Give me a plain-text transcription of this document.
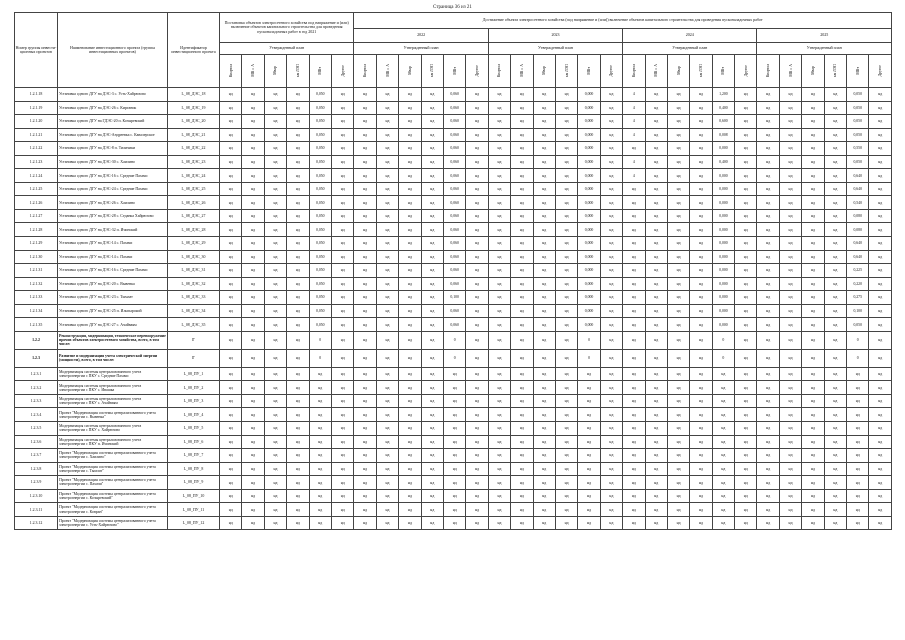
Страница 36 из 21
Номер группы инвести-ционных проектов	Наименование инвестиционного проекта (группы инвестиционных проектов)	Идентификатор инвестиционного проекта	Постановка объектов электросетевого хозяйства под напряжение и (или) включение объектов капитального строительства для проведения пусконаладочных работ в год 2021						Достижение объекта электросетевого хозяйства (под напряжение и (или)) включение объектов капитального строительства для проведения пусконаладочных работ																							
									2022						2023						2024						2025					
			Утвержденный план						Утвержденный план						Утвержденный план						Утвержденный план						Утвержденный план					
			Квартал	МВ×А	Мвар	км ЛЭП	МВт	Другое	Квартал	МВ×А	Мвар	км ЛЭП	МВт	Другое	Квартал	МВ×А	Мвар	км ЛЭП	МВт	Другое	Квартал	МВ×А	Мвар	км ЛЭП	МВт	Другое	Квартал	МВ×А	Мвар	км ЛЭП	МВт	Другое
1.2.1.18	Установка одного ДГУ на ДЭС-3 с. Усть-Хайрюзово	L_08_ДЭС_18	нд	нд	нд	нд	0,050	нд	нд	нд	нд	нд	0,060	нд	нд	нд	нд	нд	0,000	нд	4	нд	нд	нд	1,200	нд	нд	нд	нд	нд	0,050	нд
1.2.1.19	Установка одного ДГУ на ДЭС-26 с. Кирганик	L_08_ДЭС_19	нд	нд	нд	нд	0,050	нд	нд	нд	нд	нд	0,060	нд	нд	нд	нд	нд	0,000	нд	4	нд	нд	нд	0,400	нд	нд	нд	нд	нд	0,050	нд
1.2.1.20	Установка одного ДГУ на ГДЭС-20 п. Козыревский	L_08_ДЭС_20	нд	нд	нд	нд	0,050	нд	нд	нд	нд	нд	0,060	нд	нд	нд	нд	нд	0,000	нд	4	нд	нд	нд	0,600	нд	нд	нд	нд	нд	0,050	нд
1.2.1.21	Установка одного ДГУ на ДЭС-Андреевка с. Кавалерское	L_08_ДЭС_21	нд	нд	нд	нд	0,050	нд	нд	нд	нд	нд	0,060	нд	нд	нд	нд	нд	0,000	нд	4	нд	нд	нд	0,008	нд	нд	нд	нд	нд	0,050	нд
1.2.1.22	Установка одного ДГУ на ДЭС-8 п. Тиличики	L_08_ДЭС_22	нд	нд	нд	нд	0,050	нд	нд	нд	нд	нд	0,060	нд	нд	нд	нд	нд	0,000	нд	нд	нд	нд	нд	0,000	нд	нд	нд	нд	нд	0,550	нд
1.2.1.23	Установка одного ДГУ на ДЭС-30 с. Хаилино	L_08_ДЭС_23	нд	нд	нд	нд	0,050	нд	нд	нд	нд	нд	0,060	нд	нд	нд	нд	нд	0,000	нд	4	нд	нд	нд	0,400	нд	нд	нд	нд	нд	0,050	нд
1.2.1.24	Установка одного ДГУ на ДЭС-16 с. Средние Пахачи	L_08_ДЭС_24	нд	нд	нд	нд	0,050	нд	нд	нд	нд	нд	0,060	нд	нд	нд	нд	нд	0,000	нд	4	нд	нд	нд	0,000	нд	нд	нд	нд	нд	0,640	нд
1.2.1.25	Установка одного ДГУ на ДЭС-24 с. Средние Пахачи	L_08_ДЭС_25	нд	нд	нд	нд	0,050	нд	нд	нд	нд	нд	0,060	нд	нд	нд	нд	нд	0,000	нд	нд	нд	нд	нд	0,000	нд	нд	нд	нд	нд	0,640	нд
1.2.1.26	Установка одного ДГУ на ДЭС-26 с. Хаилино	L_08_ДЭС_26	нд	нд	нд	нд	0,050	нд	нд	нд	нд	нд	0,060	нд	нд	нд	нд	нд	0,000	нд	нд	нд	нд	нд	0,000	нд	нд	нд	нд	нд	0,540	нд
1.2.1.27	Установка одного ДГУ на ДЭС-28 с. Седанка Хайрюзово	L_08_ДЭС_27	нд	нд	нд	нд	0,050	нд	нд	нд	нд	нд	0,060	нд	нд	нд	нд	нд	0,000	нд	нд	нд	нд	нд	0,000	нд	нд	нд	нд	нд	0,080	нд
1.2.1.28	Установка одного ДГУ на ДЭС-32 п. Ичинский	L_08_ДЭС_28	нд	нд	нд	нд	0,050	нд	нд	нд	нд	нд	0,060	нд	нд	нд	нд	нд	0,000	нд	нд	нд	нд	нд	0,000	нд	нд	нд	нд	нд	0,080	нд
1.2.1.29	Установка одного ДГУ на ДЭС-14 с. Пахачи	L_08_ДЭС_29	нд	нд	нд	нд	0,050	нд	нд	нд	нд	нд	0,060	нд	нд	нд	нд	нд	0,000	нд	нд	нд	нд	нд	0,000	нд	нд	нд	нд	нд	0,640	нд
1.2.1.30	Установка одного ДГУ на ДЭС-14 с. Пахачи	L_08_ДЭС_30	нд	нд	нд	нд	0,050	нд	нд	нд	нд	нд	0,060	нд	нд	нд	нд	нд	0,000	нд	нд	нд	нд	нд	0,000	нд	нд	нд	нд	нд	0,640	нд
1.2.1.31	Установка одного ДГУ на ДЭС-16 с. Средние Пахачи	L_08_ДЭС_31	нд	нд	нд	нд	0,050	нд	нд	нд	нд	нд	0,060	нд	нд	нд	нд	нд	0,000	нд	нд	нд	нд	нд	0,000	нд	нд	нд	нд	нд	0,225	нд
1.2.1.32	Установка одного ДГУ на ДЭС-20 с. Вывенка	L_08_ДЭС_32	нд	нд	нд	нд	0,050	нд	нд	нд	нд	нд	0,060	нд	нд	нд	нд	нд	0,000	нд	нд	нд	нд	нд	0,000	нд	нд	нд	нд	нд	0,220	нд
1.2.1.33	Установка одного ДГУ на ДЭС-23 с. Тымлат	L_08_ДЭС_33	нд	нд	нд	нд	0,050	нд	нд	нд	нд	нд	0,100	нд	нд	нд	нд	нд	0,000	нд	нд	нд	нд	нд	0,000	нд	нд	нд	нд	нд	0,275	нд
1.2.1.34	Установка одного ДГУ на ДЭС-25 п. Ильпырский	L_08_ДЭС_34	нд	нд	нд	нд	0,050	нд	нд	нд	нд	нд	0,060	нд	нд	нд	нд	нд	0,000	нд	нд	нд	нд	нд	0,000	нд	нд	нд	нд	нд	0,100	нд
1.2.1.35	Установка одного ДГУ на ДЭС-27 с. Ачайваям	L_08_ДЭС_35	нд	нд	нд	нд	0,050	нд	нд	нд	нд	нд	0,060	нд	нд	нд	нд	нд	0,000	нд	нд	нд	нд	нд	0,000	нд	нд	нд	нд	нд	0,050	нд
1.2.2	Реконструкция, модернизация, техническое перевооружение прочих объектов электросетевого хозяйства, всего, в том числе:	Г	нд	нд	нд	нд	0	нд	нд	нд	нд	нд	0	нд	нд	нд	нд	нд	0	нд	нд	нд	нд	нд	0	нд	нд	нд	нд	нд	0	нд
1.2.3	Развитие и модернизация учета электрической энергии (мощности), всего, в том числе:	Г	нд	нд	нд	нд	0	нд	нд	нд	нд	нд	0	нд	нд	нд	нд	нд	0	нд	нд	нд	нд	нд	0	нд	нд	нд	нд	нд	0	нд
1.2.3.1	Модернизация системы централизованного учета электроэнергии с ПКУ с. Средние Пахачи	L_08_ПУ_1	нд	нд	нд	нд	нд	нд	нд	нд	нд	нд	нд	нд	нд	нд	нд	нд	нд	нд	нд	нд	нд	нд	нд	нд	нд	нд	нд	нд	нд	нд
1.2.3.2	Модернизация системы централизованного учета электроэнергии с ПКУ с. Ивашка	L_08_ПУ_2	нд	нд	нд	нд	нд	нд	нд	нд	нд	нд	нд	нд	нд	нд	нд	нд	нд	нд	нд	нд	нд	нд	нд	нд	нд	нд	нд	нд	нд	нд
1.2.3.3	Модернизация системы централизованного учета электроэнергии с ПКУ с. Ачайваям	L_08_ПУ_3	нд	нд	нд	нд	нд	нд	нд	нд	нд	нд	нд	нд	нд	нд	нд	нд	нд	нд	нд	нд	нд	нд	нд	нд	нд	нд	нд	нд	нд	нд
1.2.3.4	Проект "Модернизация системы централизованного учета электроэнергии с. Вывенка"	L_08_ПУ_4	нд	нд	нд	нд	нд	нд	нд	нд	нд	нд	нд	нд	нд	нд	нд	нд	нд	нд	нд	нд	нд	нд	нд	нд	нд	нд	нд	нд	нд	нд
1.2.3.5	Модернизация системы централизованного учета электроэнергии с ПКУ с. Хайрюзово	L_08_ПУ_5	нд	нд	нд	нд	нд	нд	нд	нд	нд	нд	нд	нд	нд	нд	нд	нд	нд	нд	нд	нд	нд	нд	нд	нд	нд	нд	нд	нд	нд	нд
1.2.3.6	Модернизация системы централизованного учета электроэнергии с ПКУ п. Ичинский	L_08_ПУ_6	нд	нд	нд	нд	нд	нд	нд	нд	нд	нд	нд	нд	нд	нд	нд	нд	нд	нд	нд	нд	нд	нд	нд	нд	нд	нд	нд	нд	нд	нд
1.2.3.7	Проект "Модернизация системы централизованного учета электроэнергии с. Хаилино"	L_08_ПУ_7	нд	нд	нд	нд	нд	нд	нд	нд	нд	нд	нд	нд	нд	нд	нд	нд	нд	нд	нд	нд	нд	нд	нд	нд	нд	нд	нд	нд	нд	нд
1.2.3.8	Проект "Модернизация системы централизованного учета электроэнергии с. Тымлат"	L_08_ПУ_8	нд	нд	нд	нд	нд	нд	нд	нд	нд	нд	нд	нд	нд	нд	нд	нд	нд	нд	нд	нд	нд	нд	нд	нд	нд	нд	нд	нд	нд	нд
1.2.3.9	Проект "Модернизация системы централизованного учета электроэнергии с. Пахачи"	L_08_ПУ_9	нд	нд	нд	нд	нд	нд	нд	нд	нд	нд	нд	нд	нд	нд	нд	нд	нд	нд	нд	нд	нд	нд	нд	нд	нд	нд	нд	нд	нд	нд
1.2.3.10	Проект "Модернизация системы централизованного учета электроэнергии с. Козыревский"	L_08_ПУ_10	нд	нд	нд	нд	нд	нд	нд	нд	нд	нд	нд	нд	нд	нд	нд	нд	нд	нд	нд	нд	нд	нд	нд	нд	нд	нд	нд	нд	нд	нд
1.2.3.11	Проект "Модернизация системы централизованного учета электроэнергии с. Ковран"	L_08_ПУ_11	нд	нд	нд	нд	нд	нд	нд	нд	нд	нд	нд	нд	нд	нд	нд	нд	нд	нд	нд	нд	нд	нд	нд	нд	нд	нд	нд	нд	нд	нд
1.2.3.12	Проект "Модернизация системы централизованного учета электроэнергии с. Усть-Хайрюзово"	L_08_ПУ_12	нд	нд	нд	нд	нд	нд	нд	нд	нд	нд	нд	нд	нд	нд	нд	нд	нд	нд	нд	нд	нд	нд	нд	нд	нд	нд	нд	нд	нд	нд
